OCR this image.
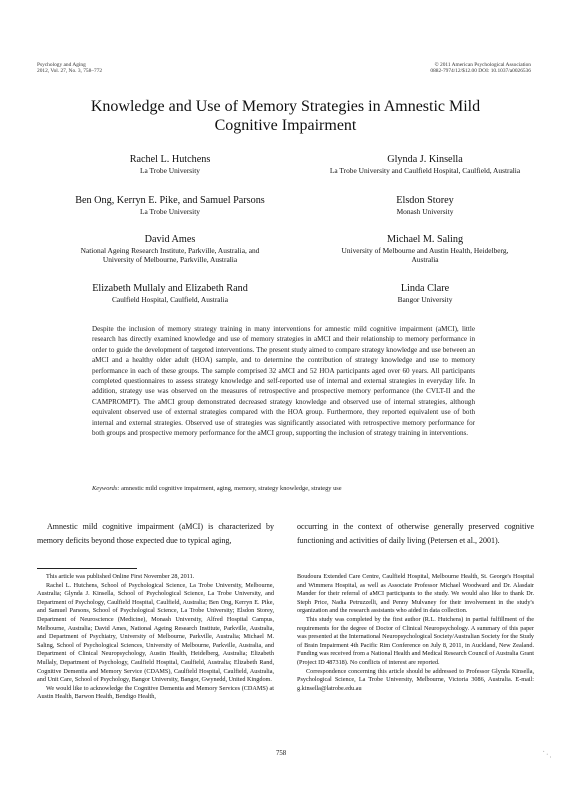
Psychology and Aging
2012, Vol. 27, No. 3, 758–772
© 2011 American Psychological Association
0882-7974/12/$12.00 DOI: 10.1037/a0026536
Knowledge and Use of Memory Strategies in Amnestic Mild
Cognitive Impairment
Rachel L. Hutchens
La Trobe University
Glynda J. Kinsella
La Trobe University and Caulfield Hospital, Caulfield, Australia
Ben Ong, Kerryn E. Pike, and Samuel Parsons
La Trobe University
Elsdon Storey
Monash University
David Ames
National Ageing Research Institute, Parkville, Australia, and
University of Melbourne, Parkville, Australia
Michael M. Saling
University of Melbourne and Austin Health, Heidelberg,
Australia
Elizabeth Mullaly and Elizabeth Rand
Caulfield Hospital, Caulfield, Australia
Linda Clare
Bangor University
Despite the inclusion of memory strategy training in many interventions for amnestic mild cognitive impairment (aMCI), little research has directly examined knowledge and use of memory strategies in aMCI and their relationship to memory performance in order to guide the development of targeted interventions. The present study aimed to compare strategy knowledge and use between an aMCI and a healthy older adult (HOA) sample, and to determine the contribution of strategy knowledge and use to memory performance in each of these groups. The sample comprised 32 aMCI and 52 HOA participants aged over 60 years. All participants completed questionnaires to assess strategy knowledge and self-reported use of internal and external strategies in everyday life. In addition, strategy use was observed on the measures of retrospective and prospective memory performance (the CVLT-II and the CAMPROMPT). The aMCI group demonstrated decreased strategy knowledge and observed use of internal strategies, although equivalent observed use of external strategies compared with the HOA group. Furthermore, they reported equivalent use of both internal and external strategies. Observed use of strategies was significantly associated with retrospective memory performance for both groups and prospective memory performance for the aMCI group, supporting the inclusion of strategy training in interventions.
Keywords: amnestic mild cognitive impairment, aging, memory, strategy knowledge, strategy use
Amnestic mild cognitive impairment (aMCI) is characterized by memory deficits beyond those expected due to typical aging,
occurring in the context of otherwise generally preserved cognitive functioning and activities of daily living (Petersen et al., 2001).

This article was published Online First November 28, 2011.

Rachel L. Hutchens, School of Psychological Science, La Trobe University, Melbourne, Australia; Glynda J. Kinsella, School of Psychological Science, La Trobe University, and Department of Psychology, Caulfield Hospital, Caulfield, Australia; Ben Ong, Kerryn E. Pike, and Samuel Parsons, School of Psychological Science, La Trobe University; Elsdon Storey, Department of Neuroscience (Medicine), Monash University, Alfred Hospital Campus, Melbourne, Australia; David Ames, National Ageing Research Institute, Parkville, Australia, and Department of Psychiatry, University of Melbourne, Parkville, Australia; Michael M. Saling, School of Psychological Sciences, University of Melbourne, Parkville, Australia, and Department of Clinical Neuropsychology, Austin Health, Heidelberg, Australia; Elizabeth Mullaly, Department of Psychology, Caulfield Hospital, Caulfield, Australia; Elizabeth Rand, Cognitive Dementia and Memory Service (CDAMS), Caulfield Hospital, Caulfield, Australia, and Unit Care, School of Psychology, Bangor University, Bangor, Gwynedd, United Kingdom.

We would like to acknowledge the Cognitive Dementia and Memory Services (CDAMS) at Austin Health, Barwon Health, Bendigo Health,

Boudoura Extended Care Centre, Caulfield Hospital, Melbourne Health, St. George's Hospital and Wimmera Hospital, as well as Associate Professor Michael Woodward and Dr. Alasdair Mander for their referral of aMCI participants to the study. We would also like to thank Dr. Steph Price, Nadia Petruzzelli, and Penny Mulvaney for their involvement in the study's organization and the research assistants who aided in data collection.

This study was completed by the first author (R.L. Hutchens) in partial fulfillment of the requirements for the degree of Doctor of Clinical Neuropsychology. A summary of this paper was presented at the International Neuropsychological Society/Australian Society for the Study of Brain Impairment 4th Pacific Rim Conference on July 8, 2011, in Auckland, New Zealand. Funding was received from a National Health and Medical Research Council of Australia Grant (Project ID 487318). No conflicts of interest are reported.

Correspondence concerning this article should be addressed to Professor Glynda Kinsella, Psychological Science, La Trobe University, Melbourne, Victoria 3086, Australia. E-mail: g.kinsella@latrobe.edu.au

758	· · ·
